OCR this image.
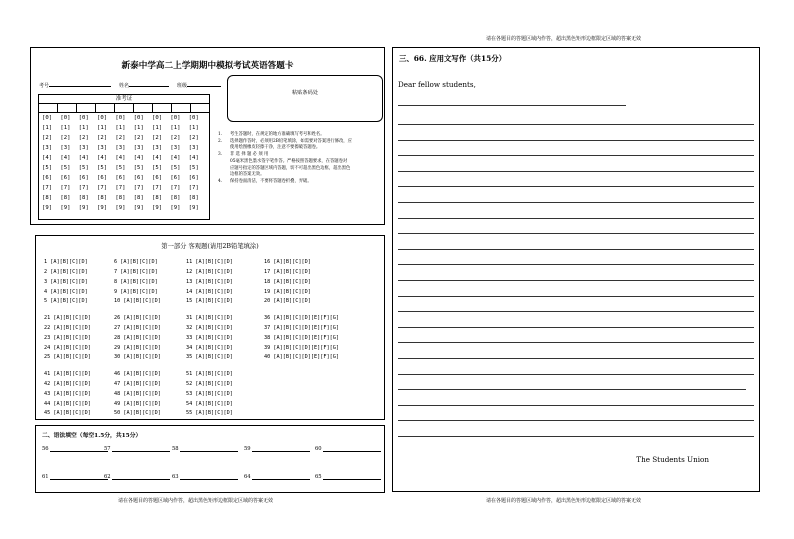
请在各题目的答题区域内作答，超出黑色矩形边框限定区域的答案无效
新泰中学高二上学期期中模拟考试英语答题卡
考号	姓名	班级
粘贴条码处
准考证
[0]	[0]	[0]	[0]	[0]	[0]	[0]	[0]	[0]
[1]	[1]	[1]	[1]	[1]	[1]	[1]	[1]	[1]
[2]	[2]	[2]	[2]	[2]	[2]	[2]	[2]	[2]
[3]	[3]	[3]	[3]	[3]	[3]	[3]	[3]	[3]
[4]	[4]	[4]	[4]	[4]	[4]	[4]	[4]	[4]
[5]	[5]	[5]	[5]	[5]	[5]	[5]	[5]	[5]
[6]	[6]	[6]	[6]	[6]	[6]	[6]	[6]	[6]
[7]	[7]	[7]	[7]	[7]	[7]	[7]	[7]	[7]
[8]	[8]	[8]	[8]	[8]	[8]	[8]	[8]	[8]
[9]	[9]	[9]	[9]	[9]	[9]	[9]	[9]	[9]
1.	考生答题时，在规定的地方准确填写考号和姓名。
2.	选择题作答时，必须用2B铅笔填涂，如需要对答案进行修改，应
使用绘图橡皮轻擦干净，注意不要擦破答题卷。
3.	非 选 择 题 必 须 用
05毫米黑色墨水签字笔作答。严格按照答题要求，在答题卷对
应题号指定的答题区域内答题，切不可超出黑色边框，超出黑色
边框的答案无效。
4.	保持卷面清洁，不要将答题卷折叠、弄破。
第一部分 客观题(请用2B铅笔填涂)
1 [A][B][C][D]
2 [A][B][C][D]
3 [A][B][C][D]
4 [A][B][C][D]
5 [A][B][C][D]
6 [A][B][C][D]
7 [A][B][C][D]
8 [A][B][C][D]
9 [A][B][C][D]
10 [A][B][C][D]
11 [A][B][C][D]
12 [A][B][C][D]
13 [A][B][C][D]
14 [A][B][C][D]
15 [A][B][C][D]
16 [A][B][C][D]
17 [A][B][C][D]
18 [A][B][C][D]
19 [A][B][C][D]
20 [A][B][C][D]
21 [A][B][C][D]
22 [A][B][C][D]
23 [A][B][C][D]
24 [A][B][C][D]
25 [A][B][C][D]
26 [A][B][C][D]
27 [A][B][C][D]
28 [A][B][C][D]
29 [A][B][C][D]
30 [A][B][C][D]
31 [A][B][C][D]
32 [A][B][C][D]
33 [A][B][C][D]
34 [A][B][C][D]
35 [A][B][C][D]
36 [A][B][C][D][E][F][G]
37 [A][B][C][D][E][F][G]
38 [A][B][C][D][E][F][G]
39 [A][B][C][D][E][F][G]
40 [A][B][C][D][E][F][G]
41 [A][B][C][D]
42 [A][B][C][D]
43 [A][B][C][D]
44 [A][B][C][D]
45 [A][B][C][D]
46 [A][B][C][D]
47 [A][B][C][D]
48 [A][B][C][D]
49 [A][B][C][D]
50 [A][B][C][D]
51 [A][B][C][D]
52 [A][B][C][D]
53 [A][B][C][D]
54 [A][B][C][D]
55 [A][B][C][D]
二、语法填空（每空1.5分，共15分）
56	57	58	59	60
61	62	63	64	65
请在各题目的答题区域内作答，超出黑色矩形边框限定区域的答案无效
三、66. 应用文写作（共15分）
Dear fellow students,
The Students Union
请在各题目的答题区域内作答，超出黑色矩形边框限定区域的答案无效
